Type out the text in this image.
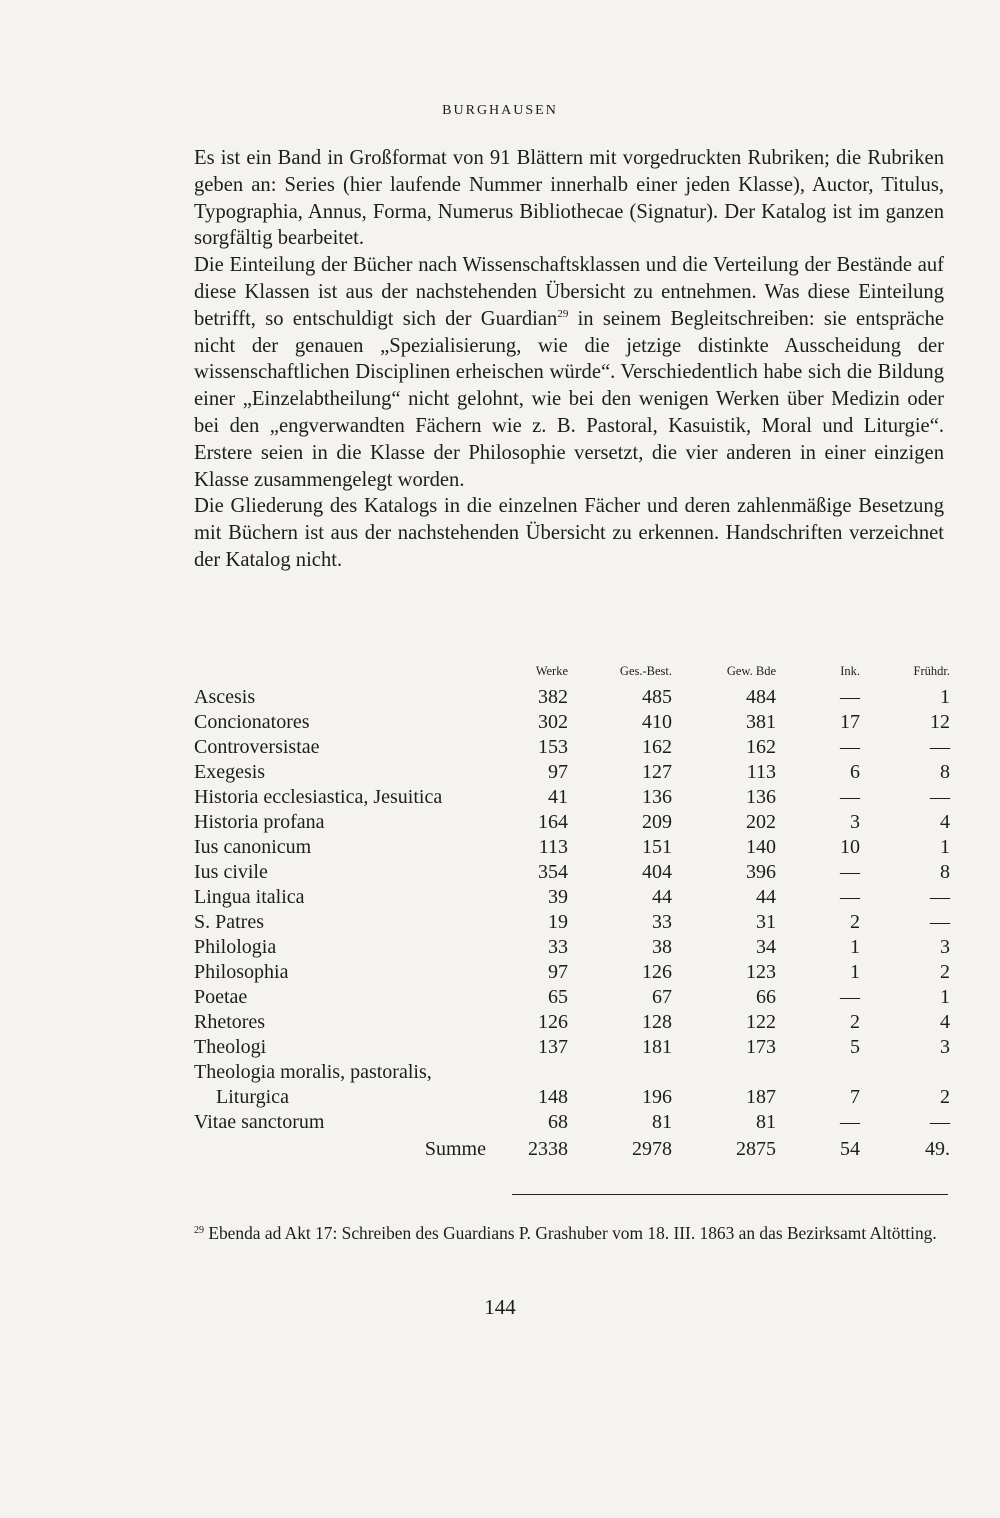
BURGHAUSEN

Es ist ein Band in Großformat von 91 Blättern mit vorgedruckten Rubriken; die Rubriken geben an: Series (hier laufende Nummer innerhalb einer jeden Klasse), Auctor, Titulus, Typographia, Annus, Forma, Numerus Bibliothecae (Signatur). Der Katalog ist im ganzen sorgfältig bearbeitet.

Die Einteilung der Bücher nach Wissenschaftsklassen und die Verteilung der Bestände auf diese Klassen ist aus der nachstehenden Übersicht zu entnehmen. Was diese Einteilung betrifft, so entschuldigt sich der Guardian$^{29}$ in seinem Begleitschreiben: sie entspräche nicht der genauen „Spezialisierung, wie die jetzige distinkte Ausscheidung der wissenschaftlichen Disciplinen erheischen würde“. Verschiedentlich habe sich die Bildung einer „Einzelabtheilung“ nicht gelohnt, wie bei den wenigen Werken über Medizin oder bei den „engverwandten Fächern wie z. B. Pastoral, Kasuistik, Moral und Liturgie“. Erstere seien in die Klasse der Philosophie versetzt, die vier anderen in einer einzigen Klasse zusammengelegt worden.

Die Gliederung des Katalogs in die einzelnen Fächer und deren zahlenmäßige Besetzung mit Büchern ist aus der nachstehenden Übersicht zu erkennen. Handschriften verzeichnet der Katalog nicht.

	Werke	Ges.-Best.	Gew. Bde	Ink.	Frühdr.
Ascesis	382	485	484	—	1
Concionatores	302	410	381	17	12
Controversistae	153	162	162	—	—
Exegesis	97	127	113	6	8
Historia ecclesiastica, Jesuitica	41	136	136	—	—
Historia profana	164	209	202	3	4
Ius canonicum	113	151	140	10	1
Ius civile	354	404	396	—	8
Lingua italica	39	44	44	—	—
S. Patres	19	33	31	2	—
Philologia	33	38	34	1	3
Philosophia	97	126	123	1	2
Poetae	65	67	66	—	1
Rhetores	126	128	122	2	4
Theologi	137	181	173	5	3
Theologia moralis, pastoralis,					
Liturgica	148	196	187	7	2
Vitae sanctorum	68	81	81	—	—
Summe	2338	2978	2875	54	49.
$^{29}$ Ebenda ad Akt 17: Schreiben des Guardians P. Grashuber vom 18. III. 1863 an das Bezirksamt Altötting.
144
